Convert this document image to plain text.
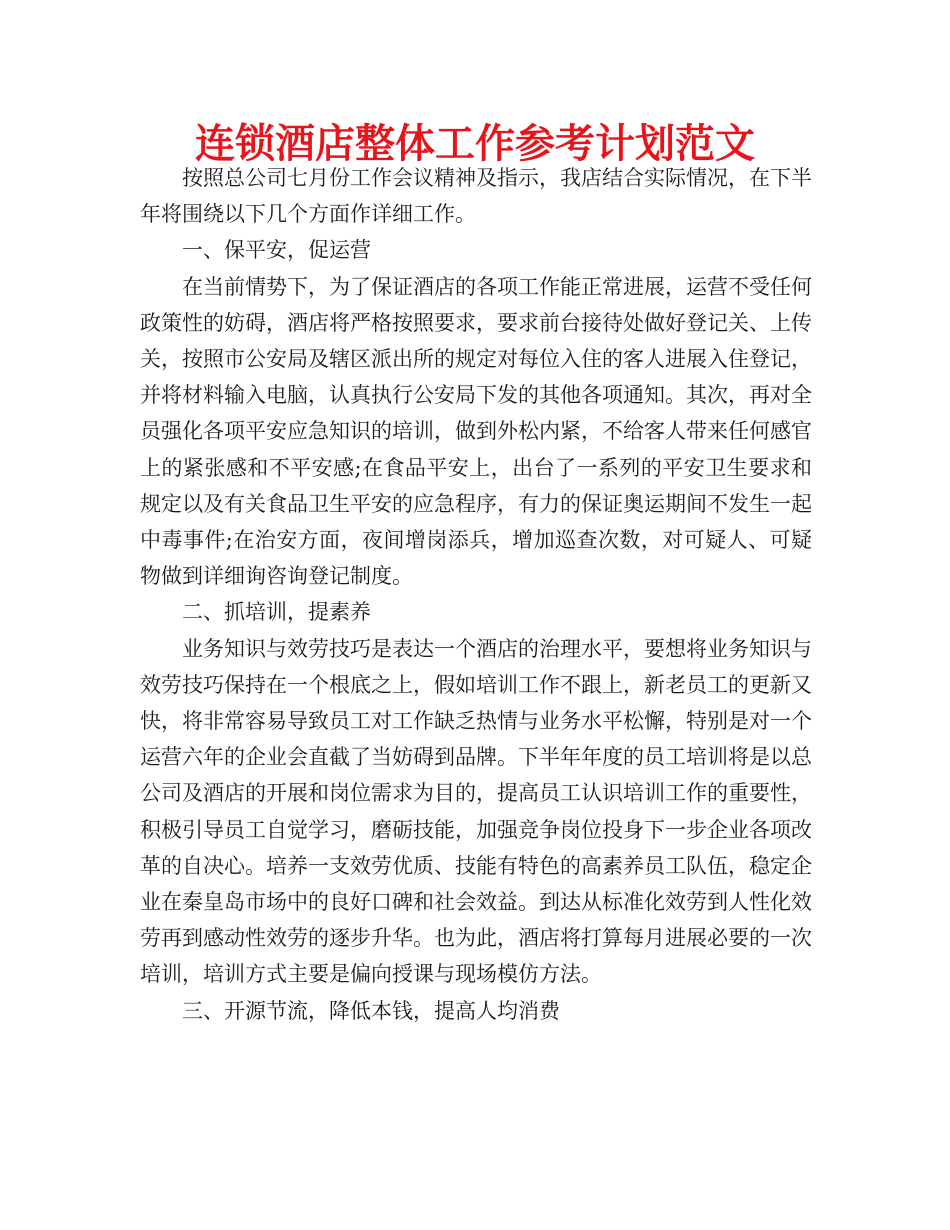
连锁酒店整体工作参考计划范文

按照总公司七月份工作会议精神及指示，我店结合实际情况，在下半年将围绕以下几个方面作详细工作。

一、保平安，促运营

在当前情势下，为了保证酒店的各项工作能正常进展，运营不受任何政策性的妨碍，酒店将严格按照要求，要求前台接待处做好登记关、上传关，按照市公安局及辖区派出所的规定对每位入住的客人进展入住登记，并将材料输入电脑，认真执行公安局下发的其他各项通知。其次，再对全员强化各项平安应急知识的培训，做到外松内紧，不给客人带来任何感官上的紧张感和不平安感;在食品平安上，出台了一系列的平安卫生要求和规定以及有关食品卫生平安的应急程序，有力的保证奥运期间不发生一起中毒事件;在治安方面，夜间增岗添兵，增加巡查次数，对可疑人、可疑物做到详细询咨询登记制度。

二、抓培训，提素养

业务知识与效劳技巧是表达一个酒店的治理水平，要想将业务知识与效劳技巧保持在一个根底之上，假如培训工作不跟上，新老员工的更新又快，将非常容易导致员工对工作缺乏热情与业务水平松懈，特别是对一个运营六年的企业会直截了当妨碍到品牌。下半年年度的员工培训将是以总公司及酒店的开展和岗位需求为目的，提高员工认识培训工作的重要性，积极引导员工自觉学习，磨砺技能，加强竞争岗位投身下一步企业各项改革的自决心。培养一支效劳优质、技能有特色的高素养员工队伍，稳定企业在秦皇岛市场中的良好口碑和社会效益。到达从标准化效劳到人性化效劳再到感动性效劳的逐步升华。也为此，酒店将打算每月进展必要的一次培训，培训方式主要是偏向授课与现场模仿方法。

三、开源节流，降低本钱，提高人均消费
